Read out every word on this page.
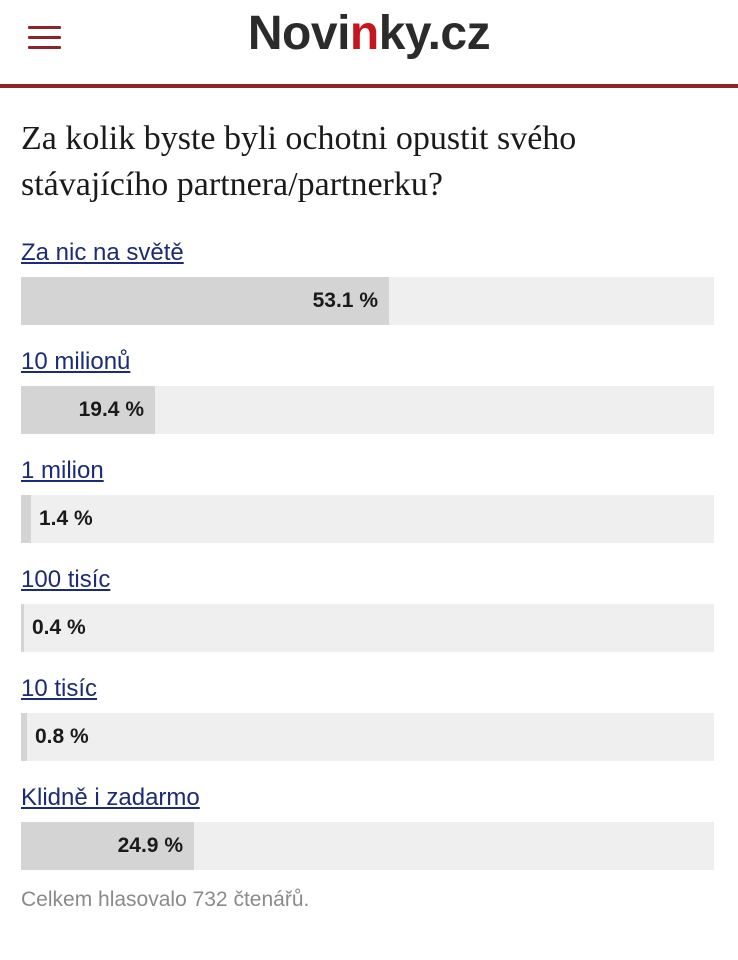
Novinky.cz
Za kolik byste byli ochotni opustit svého stávajícího partnera/partnerku?
Za nic na světě
53.1 %
10 milionů
19.4 %
1 milion
1.4 %
100 tisíc
0.4 %
10 tisíc
0.8 %
Klidně i zadarmo
24.9 %
Celkem hlasovalo 732 čtenářů.
